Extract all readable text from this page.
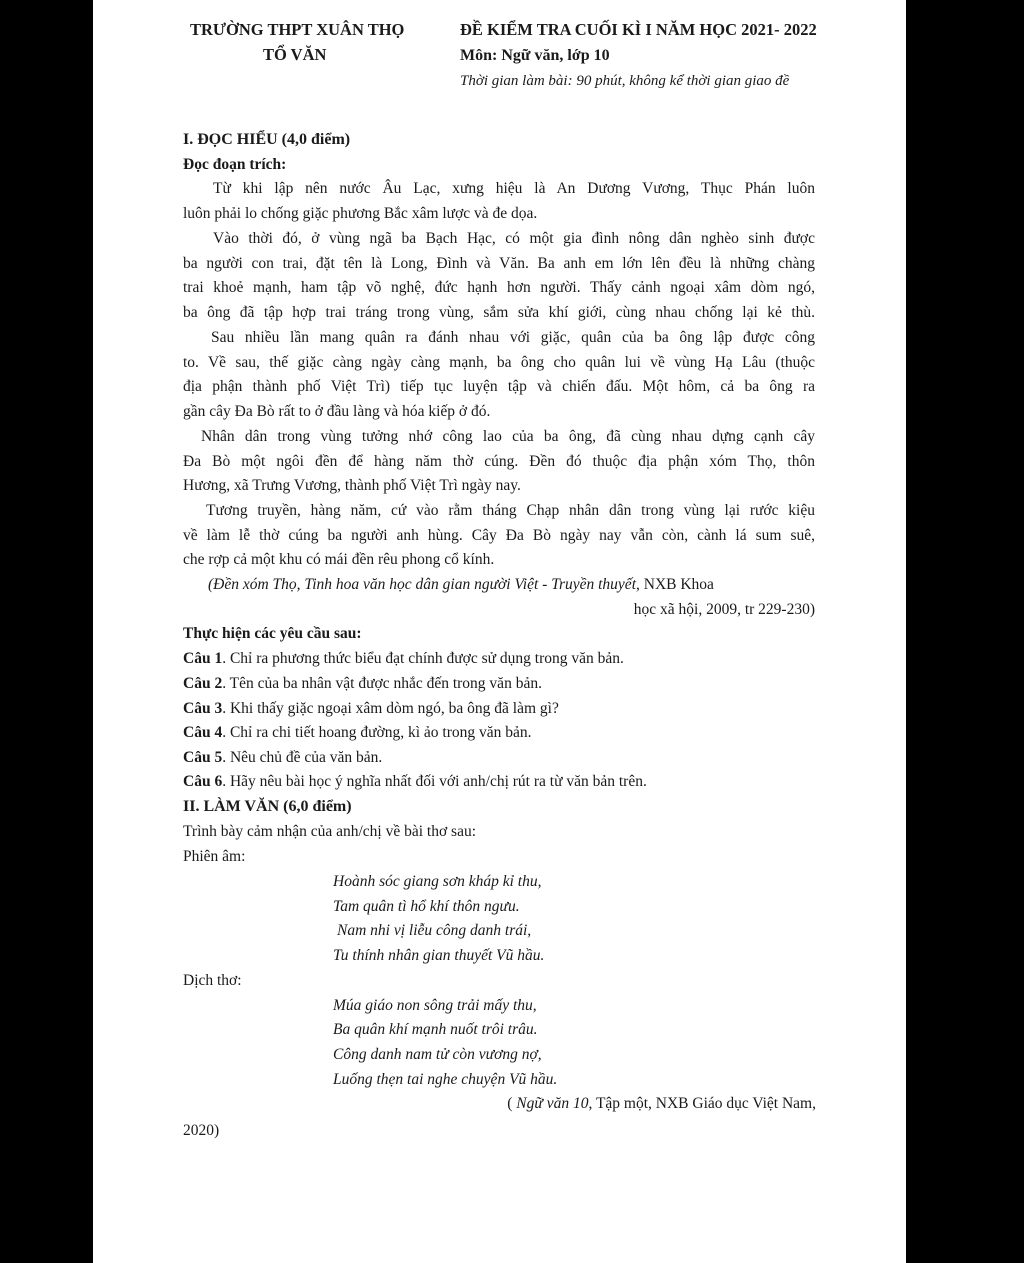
TRƯỜNG THPT XUÂN THỌ
TỔ VĂN
ĐỀ KIỂM TRA CUỐI KÌ I NĂM HỌC 2021- 2022
Môn: Ngữ văn, lớp 10
Thời gian làm bài: 90 phút, không kể thời gian giao đề
I. ĐỌC HIỂU (4,0 điểm)
Đọc đoạn trích:
Từ khi lập nên nước Âu Lạc, xưng hiệu là An Dương Vương, Thục Phán luôn
luôn phải lo chống giặc phương Bắc xâm lược và đe dọa.
Vào thời đó, ở vùng ngã ba Bạch Hạc, có một gia đình nông dân nghèo sinh được
ba người con trai, đặt tên là Long, Đình và Văn. Ba anh em lớn lên đều là những chàng
trai khoẻ mạnh, ham tập võ nghệ, đức hạnh hơn người. Thấy cảnh ngoại xâm dòm ngó,
ba ông đã tập hợp trai tráng trong vùng, sắm sửa khí giới, cùng nhau chống lại kẻ thù.
Sau nhiều lần mang quân ra đánh nhau với giặc, quân của ba ông lập được công
to. Về sau, thế giặc càng ngày càng mạnh, ba ông cho quân lui về vùng Hạ Lâu (thuộc
địa phận thành phố Việt Trì) tiếp tục luyện tập và chiến đấu. Một hôm, cả ba ông ra
gần cây Đa Bò rất to ở đầu làng và hóa kiếp ở đó.
Nhân dân trong vùng tưởng nhớ công lao của ba ông, đã cùng nhau dựng cạnh cây
Đa Bò một ngôi đền để hàng năm thờ cúng. Đền đó thuộc địa phận xóm Thọ, thôn
Hương, xã Trưng Vương, thành phố Việt Trì ngày nay.
Tương truyền, hàng năm, cứ vào rằm tháng Chạp nhân dân trong vùng lại rước kiệu
về làm lễ thờ cúng ba người anh hùng. Cây Đa Bò ngày nay vẫn còn, cành lá sum suê,
che rợp cả một khu có mái đền rêu phong cổ kính.
(Đền xóm Thọ, Tinh hoa văn học dân gian người Việt - Truyền thuyết, NXB Khoa
học xã hội, 2009, tr 229-230)
Thực hiện các yêu cầu sau:
Câu 1. Chỉ ra phương thức biểu đạt chính được sử dụng trong văn bản.
Câu 2. Tên của ba nhân vật được nhắc đến trong văn bản.
Câu 3. Khi thấy giặc ngoại xâm dòm ngó, ba ông đã làm gì?
Câu 4. Chỉ ra chi tiết hoang đường, kì ảo trong văn bản.
Câu 5. Nêu chủ đề của văn bản.
Câu 6. Hãy nêu bài học ý nghĩa nhất đối với anh/chị rút ra từ văn bản trên.
II. LÀM VĂN (6,0 điểm)
Trình bày cảm nhận của anh/chị về bài thơ sau:
Phiên âm:
Hoành sóc giang sơn kháp kỉ thu,
Tam quân tì hổ khí thôn ngưu.
Nam nhi vị liễu công danh trái,
Tu thính nhân gian thuyết Vũ hầu.
Dịch thơ:
Múa giáo non sông trải mấy thu,
Ba quân khí mạnh nuốt trôi trâu.
Công danh nam tử còn vương nợ,
Luống thẹn tai nghe chuyện Vũ hầu.
( Ngữ văn 10, Tập một, NXB Giáo dục Việt Nam,
2020)
